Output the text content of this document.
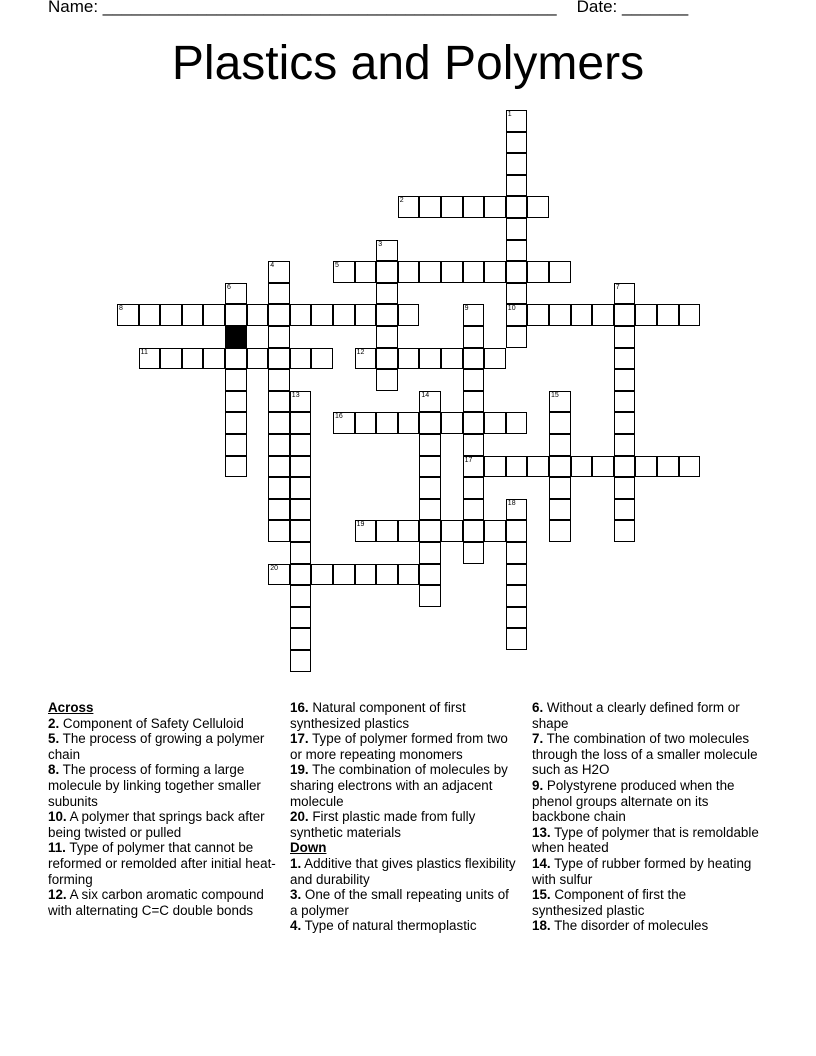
Name: ________________________________________________ Date: _______
Plastics and Polymers
1
10
2
3
4	5
6	7
8	9
17
11	12
13	14	15
16
18
19
20
Across
2. Component of Safety Celluloid
5. The process of growing a polymer chain
8. The process of forming a large molecule by linking together smaller subunits
10. A polymer that springs back after being twisted or pulled
11. Type of polymer that cannot be reformed or remolded after initial heat-forming
12. A six carbon aromatic compound with alternating C=C double bonds
16. Natural component of first synthesized plastics
17. Type of polymer formed from two or more repeating monomers
19. The combination of molecules by sharing electrons with an adjacent molecule
20. First plastic made from fully synthetic materials
Down
1. Additive that gives plastics flexibility and durability
3. One of the small repeating units of a polymer
4. Type of natural thermoplastic
6. Without a clearly defined form or shape
7. The combination of two molecules through the loss of a smaller molecule such as H2O
9. Polystyrene produced when the phenol groups alternate on its backbone chain
13. Type of polymer that is remoldable when heated
14. Type of rubber formed by heating with sulfur
15. Component of first the synthesized plastic
18. The disorder of molecules
